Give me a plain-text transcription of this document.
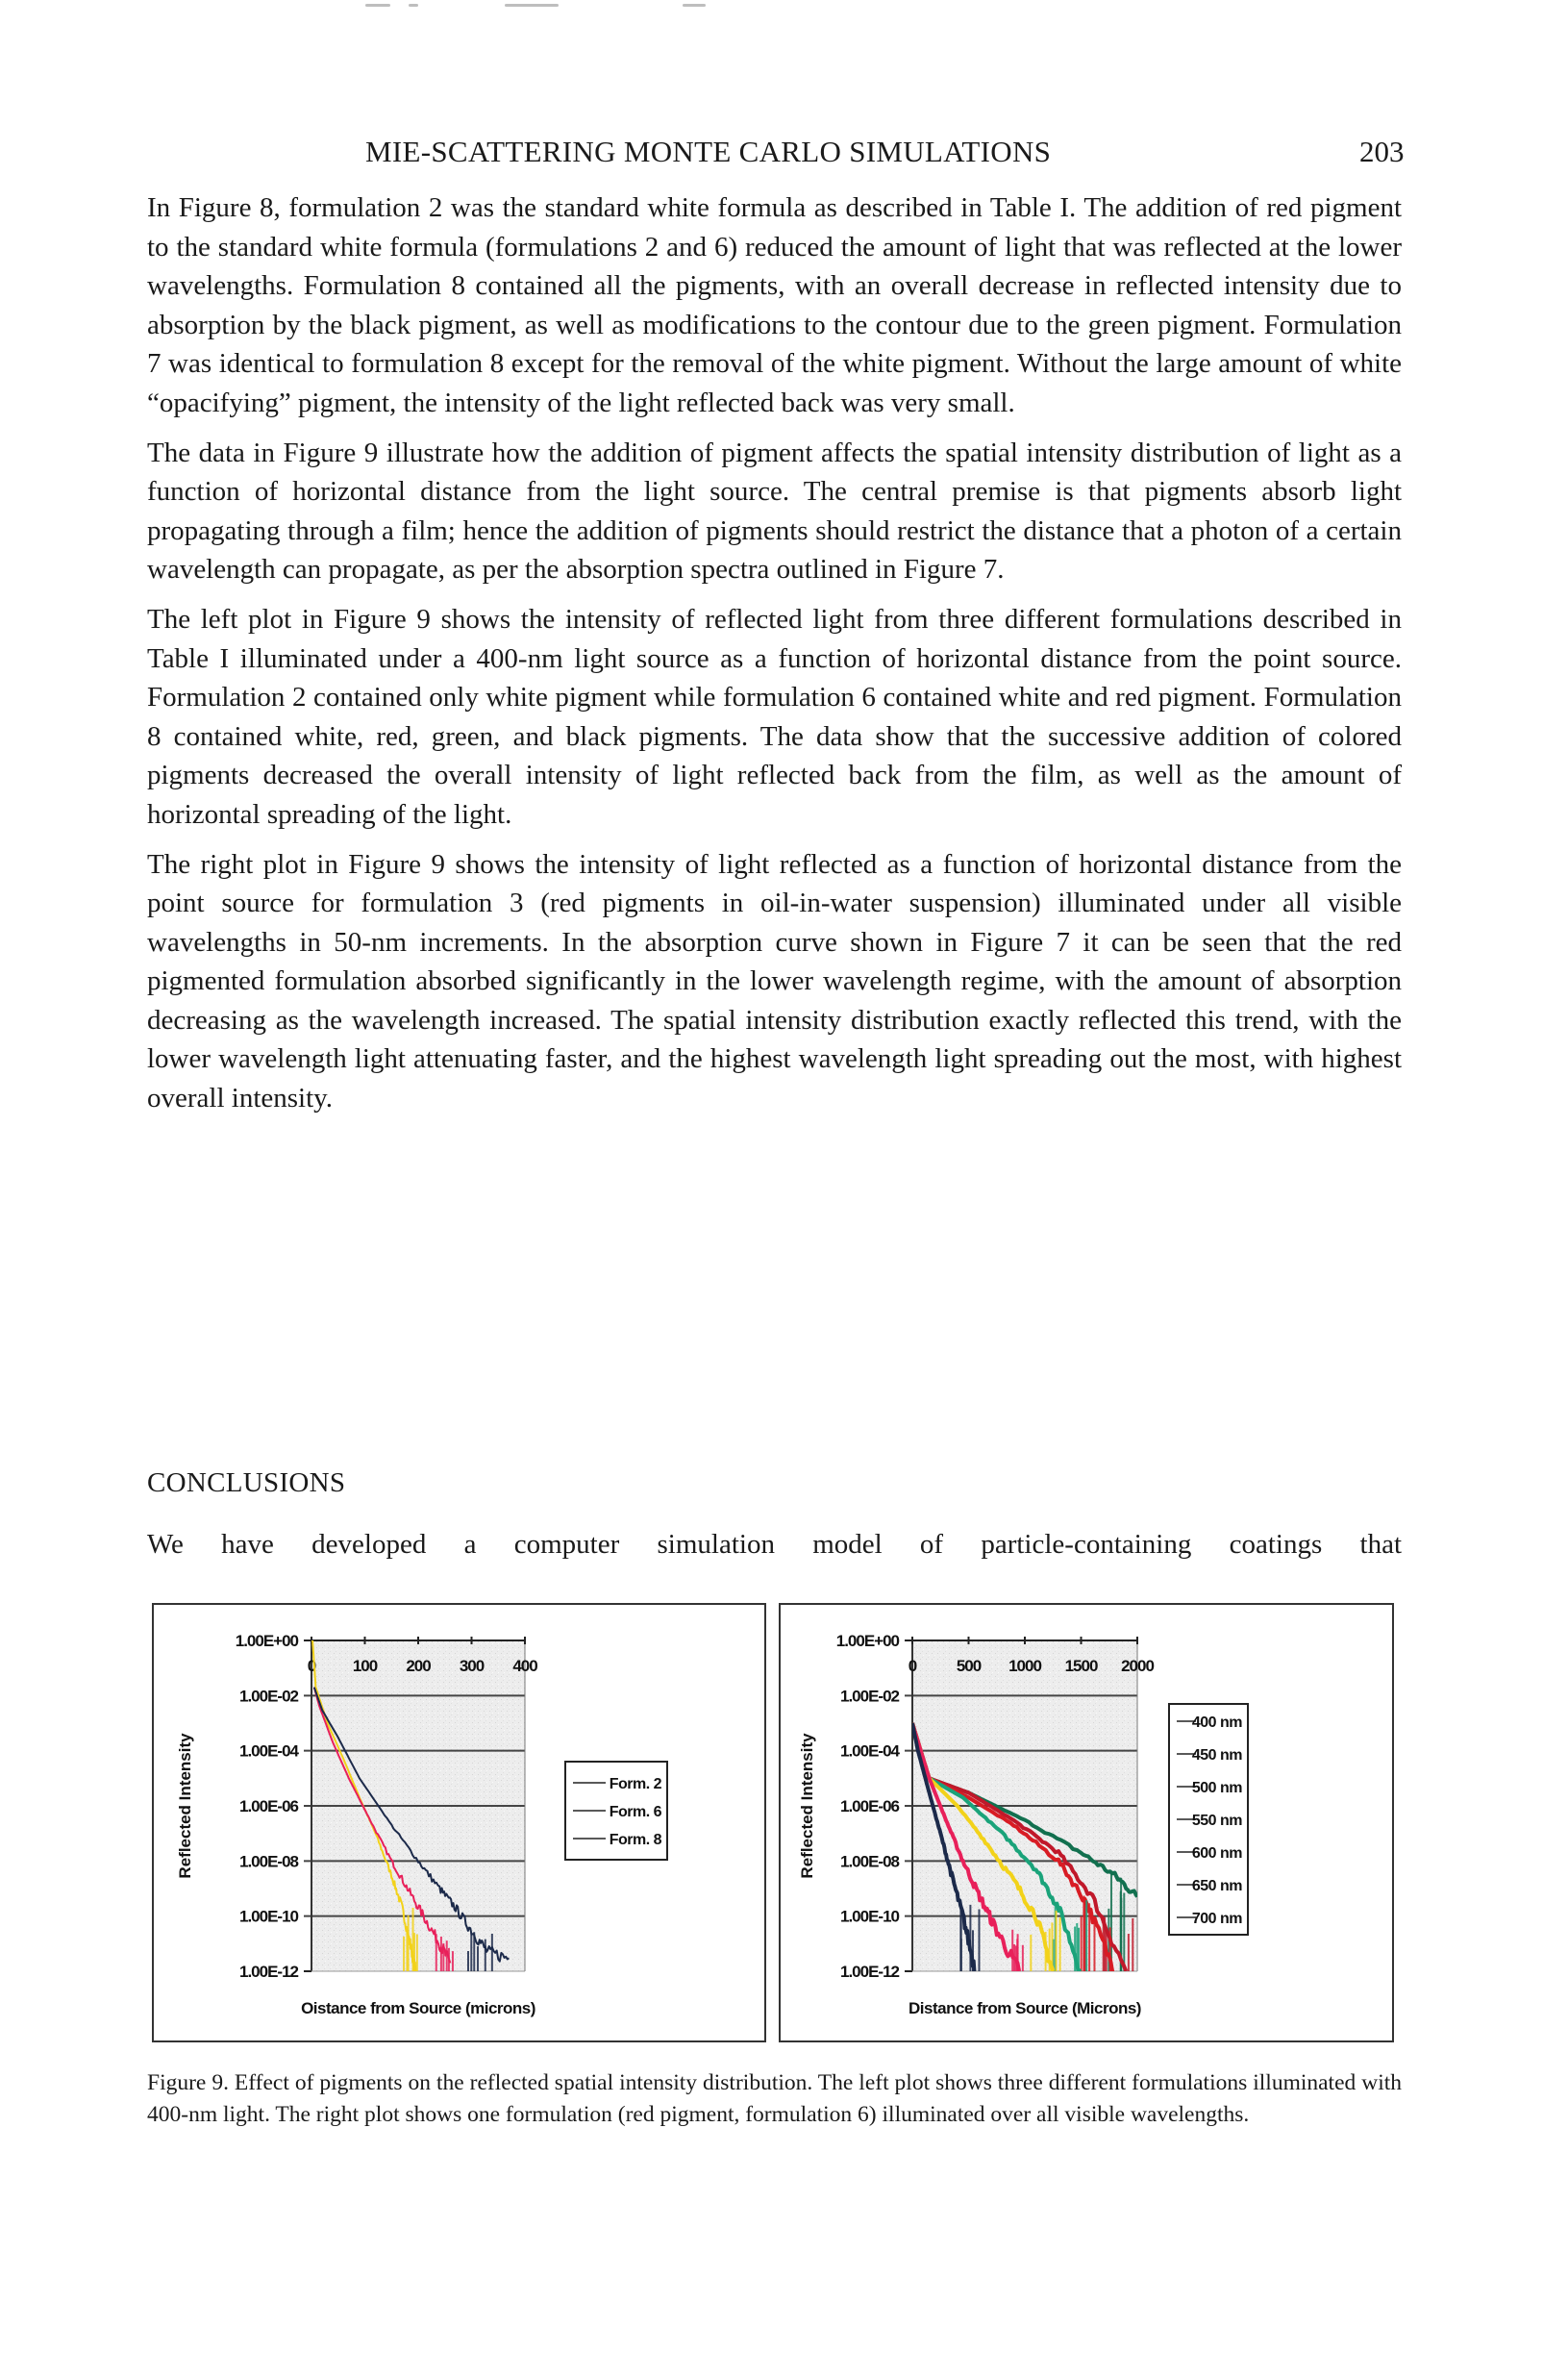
MIE-SCATTERING MONTE CARLO SIMULATIONS	203

In Figure 8, formulation 2 was the standard white formula as described in Table I. The addition of red pigment to the standard white formula (formulations 2 and 6) reduced the amount of light that was reflected at the lower wavelengths. Formulation 8 contained all the pigments, with an overall decrease in reflected intensity due to absorption by the black pigment, as well as modifications to the contour due to the green pigment. Formulation 7 was identical to formulation 8 except for the removal of the white pigment. Without the large amount of white “opacifying” pigment, the intensity of the light reflected back was very small.

The data in Figure 9 illustrate how the addition of pigment affects the spatial intensity distribution of light as a function of horizontal distance from the light source. The central premise is that pigments absorb light propagating through a film; hence the addition of pigments should restrict the distance that a photon of a certain wavelength can propagate, as per the absorption spectra outlined in Figure 7.

The left plot in Figure 9 shows the intensity of reflected light from three different formulations described in Table I illuminated under a 400-nm light source as a function of horizontal distance from the point source. Formulation 2 contained only white pigment while formulation 6 contained white and red pigment. Formulation 8 contained white, red, green, and black pigments. The data show that the successive addition of colored pigments decreased the overall intensity of light reflected back from the film, as well as the amount of horizontal spreading of the light.

The right plot in Figure 9 shows the intensity of light reflected as a function of horizontal distance from the point source for formulation 3 (red pigments in oil-in-water suspension) illuminated under all visible wavelengths in 50-nm increments. In the absorption curve shown in Figure 7 it can be seen that the red pigmented formulation absorbed significantly in the lower wavelength regime, with the amount of absorption decreasing as the wavelength increased. The spatial intensity distribution exactly reflected this trend, with the lower wavelength light attenuating faster, and the highest wavelength light spreading out the most, with highest overall intensity.

CONCLUSIONS
We have developed a computer simulation model of particle-containing coatings that
1.00E+00
1.00E-02
1.00E-04
1.00E-06
1.00E-08
1.00E-10
1.00E-12
0 100 200 300 400
Reflected Intensity
Oistance from Source (microns)
Form. 2
Form. 6
Form. 8
1.00E+00
1.00E-02
1.00E-04
1.00E-06
1.00E-08
1.00E-10
1.00E-12
0 500 1000 1500 2000
Reflected Intensity
Distance from Source (Microns)
400 nm
450 nm
500 nm
550 nm
600 nm
650 nm
700 nm
Figure 9. Effect of pigments on the reflected spatial intensity distribution. The left plot shows three different formulations illuminated with 400-nm light. The right plot shows one formulation (red pigment, formulation 6) illuminated over all visible wavelengths.
